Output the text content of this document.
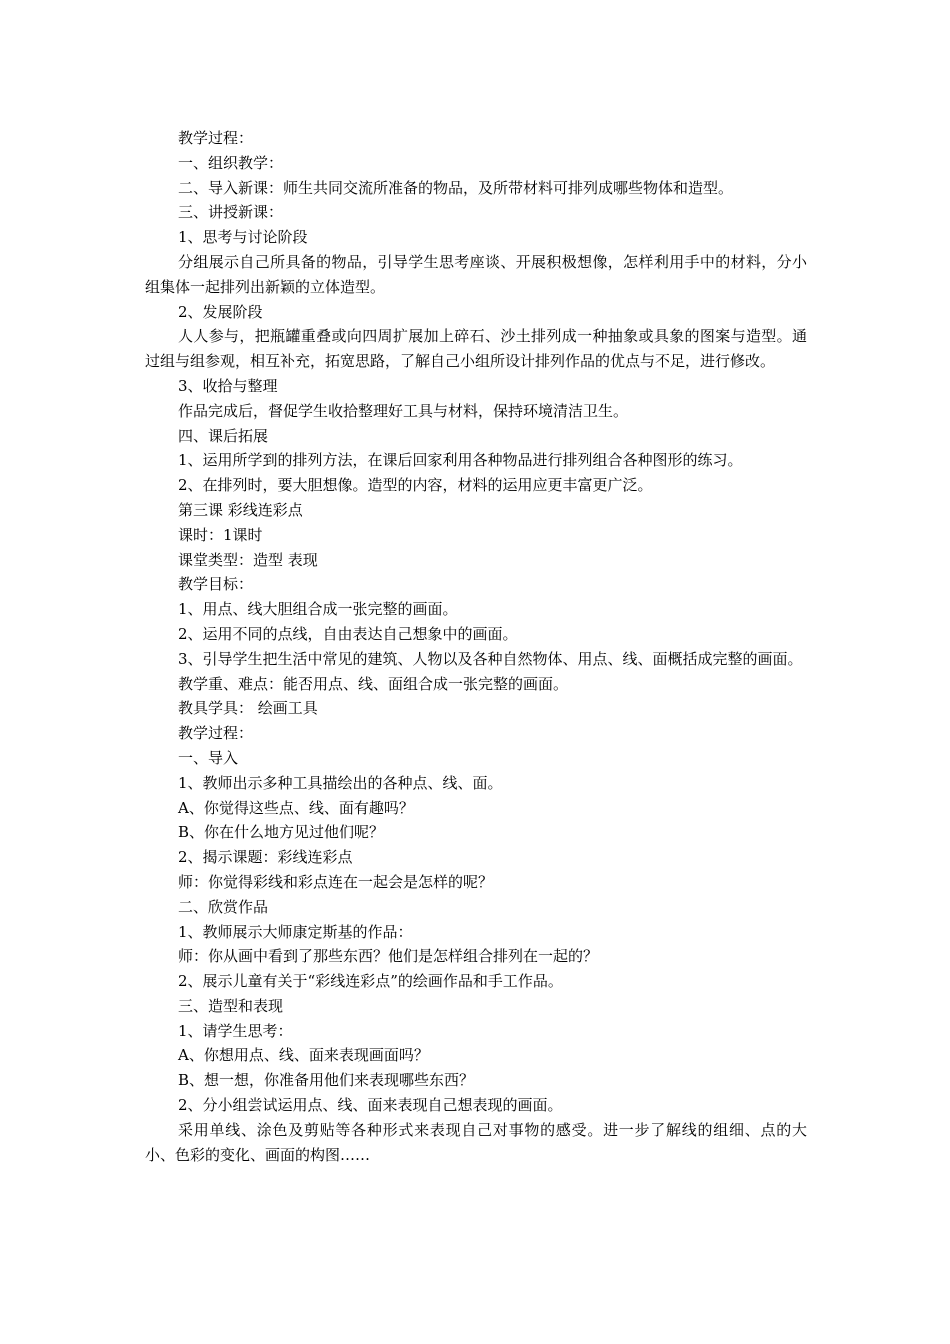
教学过程：

一、组织教学：

二、导入新课：师生共同交流所准备的物品，及所带材料可排列成哪些物体和造型。

三、讲授新课：

1、思考与讨论阶段

分组展示自己所具备的物品，引导学生思考座谈、开展积极想像，怎样利用手中的材料，分小组集体一起排列出新颖的立体造型。

2、发展阶段

人人参与，把瓶罐重叠或向四周扩展加上碎石、沙土排列成一种抽象或具象的图案与造型。通过组与组参观，相互补充，拓宽思路，了解自己小组所设计排列作品的优点与不足，进行修改。

3、收拾与整理

作品完成后，督促学生收拾整理好工具与材料，保持环境清洁卫生。

四、课后拓展

1、运用所学到的排列方法，在课后回家利用各种物品进行排列组合各种图形的练习。

2、在排列时，要大胆想像。造型的内容，材料的运用应更丰富更广泛。

第三课 彩线连彩点

课时：1课时

课堂类型：造型 表现

教学目标：

1、用点、线大胆组合成一张完整的画面。

2、运用不同的点线，自由表达自己想象中的画面。

3、引导学生把生活中常见的建筑、人物以及各种自然物体、用点、线、面概括成完整的画面。

教学重、难点：能否用点、线、面组合成一张完整的画面。

教具学具： 绘画工具

教学过程：

一、导入

1、教师出示多种工具描绘出的各种点、线、面。

A、你觉得这些点、线、面有趣吗？

B、你在什么地方见过他们呢？

2、揭示课题：彩线连彩点

师：你觉得彩线和彩点连在一起会是怎样的呢？

二、欣赏作品

1、教师展示大师康定斯基的作品：

师：你从画中看到了那些东西？他们是怎样组合排列在一起的？

2、展示儿童有关于“彩线连彩点”的绘画作品和手工作品。

三、造型和表现

1、请学生思考：

A、你想用点、线、面来表现画面吗？

B、想一想，你准备用他们来表现哪些东西？

2、分小组尝试运用点、线、面来表现自己想表现的画面。

采用单线、涂色及剪贴等各种形式来表现自己对事物的感受。进一步了解线的组细、点的大小、色彩的变化、画面的构图……
